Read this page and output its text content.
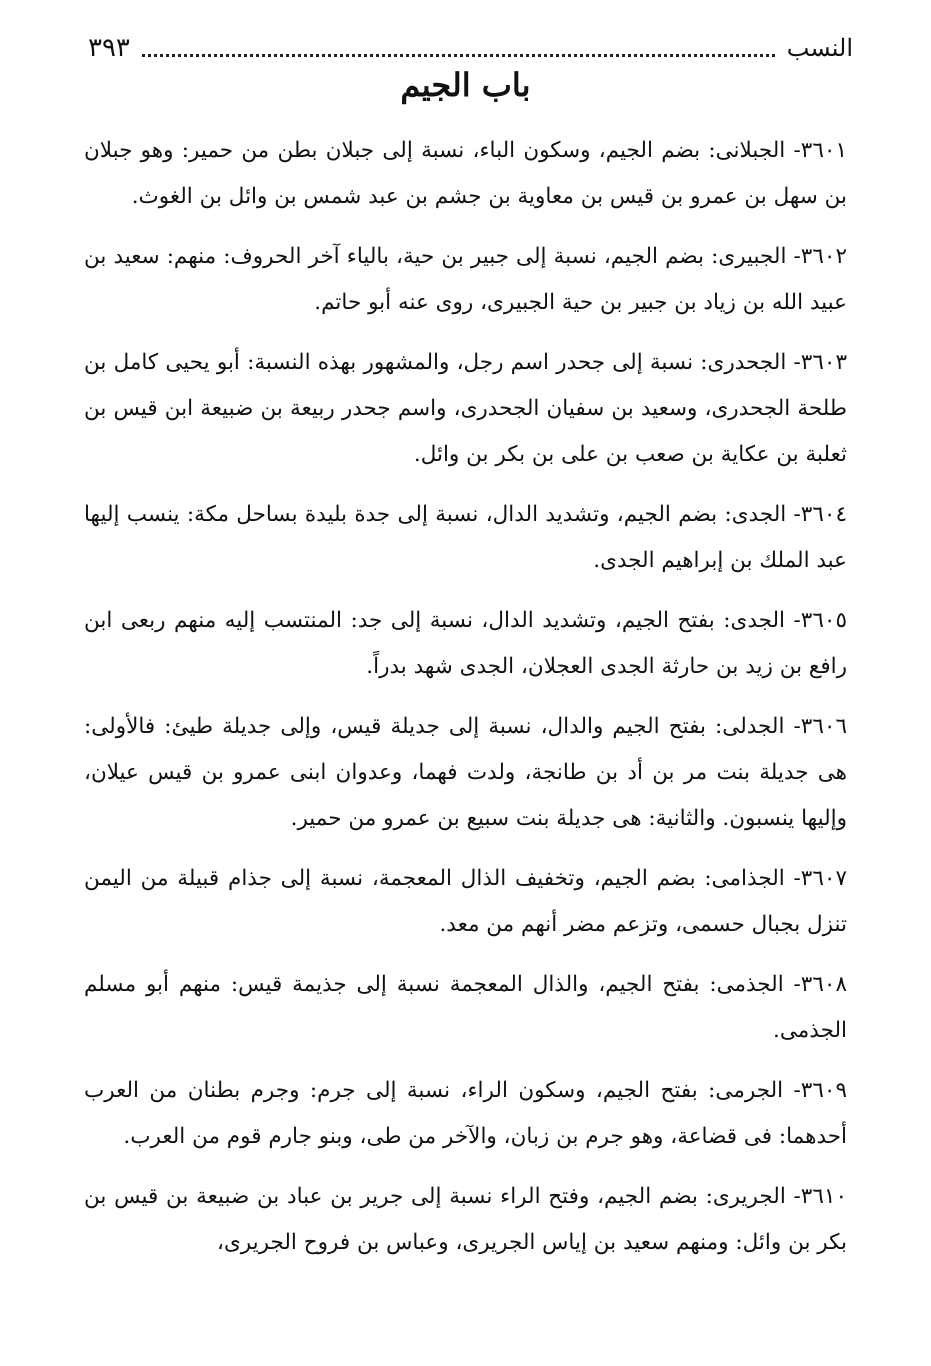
النسب
٣٩٣
باب الجيم

٣٦٠١- الجبلانى: بضم الجيم، وسكون الباء، نسبة إلى جبلان بطن من حمير: وهو جبلان بن سهل بن عمرو بن قيس بن معاوية بن جشم بن عبد شمس بن وائل بن الغوث.

٣٦٠٢- الجبيرى: بضم الجيم، نسبة إلى جبير بن حية، بالياء آخر الحروف: منهم: سعيد بن عبيد الله بن زياد بن جبير بن حية الجبيرى، روى عنه أبو حاتم.

٣٦٠٣- الجحدرى: نسبة إلى جحدر اسم رجل، والمشهور بهذه النسبة: أبو يحيى كامل بن طلحة الجحدرى، وسعيد بن سفيان الجحدرى، واسم جحدر ربيعة بن ضبيعة ابن قيس بن ثعلبة بن عكاية بن صعب بن على بن بكر بن وائل.

٣٦٠٤- الجدى: بضم الجيم، وتشديد الدال، نسبة إلى جدة بليدة بساحل مكة: ينسب إليها عبد الملك بن إبراهيم الجدى.

٣٦٠٥- الجدى: بفتح الجيم، وتشديد الدال، نسبة إلى جد: المنتسب إليه منهم ربعى ابن رافع بن زيد بن حارثة الجدى العجلان، الجدى شهد بدراً.

٣٦٠٦- الجدلى: بفتح الجيم والدال، نسبة إلى جديلة قيس، وإلى جديلة طيئ: فالأولى: هى جديلة بنت مر بن أد بن طانجة، ولدت فهما، وعدوان ابنى عمرو بن قيس عيلان، وإليها ينسبون. والثانية: هى جديلة بنت سبيع بن عمرو من حمير.

٣٦٠٧- الجذامى: بضم الجيم، وتخفيف الذال المعجمة، نسبة إلى جذام قبيلة من اليمن تنزل بجبال حسمى، وتزعم مضر أنهم من معد.

٣٦٠٨- الجذمى: بفتح الجيم، والذال المعجمة نسبة إلى جذيمة قيس: منهم أبو مسلم الجذمى.

٣٦٠٩- الجرمى: بفتح الجيم، وسكون الراء، نسبة إلى جرم: وجرم بطنان من العرب أحدهما: فى قضاعة، وهو جرم بن زبان، والآخر من طى، وبنو جارم قوم من العرب.

٣٦١٠- الجريرى: بضم الجيم، وفتح الراء نسبة إلى جرير بن عباد بن ضبيعة بن قيس بن بكر بن وائل: ومنهم سعيد بن إياس الجريرى، وعباس بن فروح الجريرى،
